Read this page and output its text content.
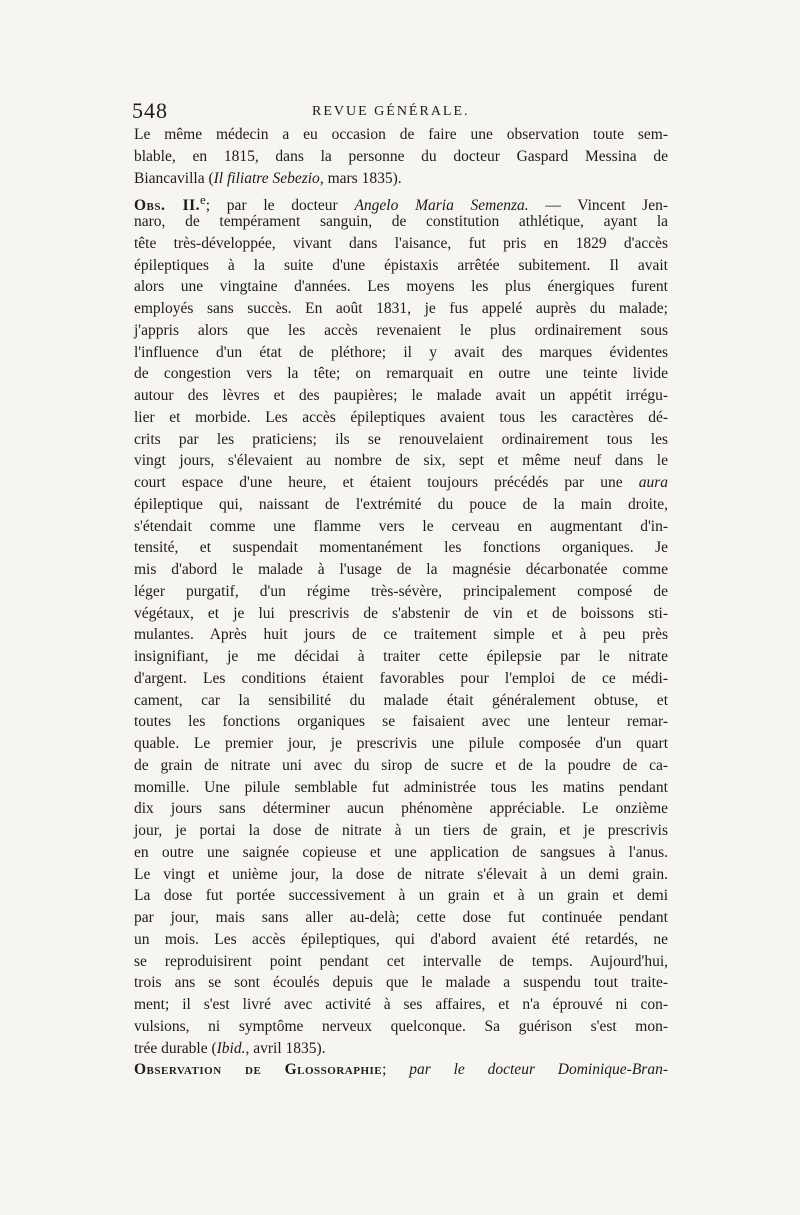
548	REVUE GÉNÉRALE.
Le même médecin a eu occasion de faire une observation toute sem-
blable, en 1815, dans la personne du docteur Gaspard Messina de
Biancavilla (Il filiatre Sebezio, mars 1835).
Obs. II.$^e$; par le docteur Angelo Maria Semenza. — Vincent Jen-
naro, de tempérament sanguin, de constitution athlétique, ayant la
tête très-développée, vivant dans l'aisance, fut pris en 1829 d'accès
épileptiques à la suite d'une épistaxis arrêtée subitement. Il avait
alors une vingtaine d'années. Les moyens les plus énergiques furent
employés sans succès. En août 1831, je fus appelé auprès du malade;
j'appris alors que les accès revenaient le plus ordinairement sous
l'influence d'un état de pléthore; il y avait des marques évidentes
de congestion vers la tête; on remarquait en outre une teinte livide
autour des lèvres et des paupières; le malade avait un appétit irrégu-
lier et morbide. Les accès épileptiques avaient tous les caractères dé-
crits par les praticiens; ils se renouvelaient ordinairement tous les
vingt jours, s'élevaient au nombre de six, sept et même neuf dans le
court espace d'une heure, et étaient toujours précédés par une aura
épileptique qui, naissant de l'extrémité du pouce de la main droite,
s'étendait comme une flamme vers le cerveau en augmentant d'in-
tensité, et suspendait momentanément les fonctions organiques. Je
mis d'abord le malade à l'usage de la magnésie décarbonatée comme
léger purgatif, d'un régime très-sévère, principalement composé de
végétaux, et je lui prescrivis de s'abstenir de vin et de boissons sti-
mulantes. Après huit jours de ce traitement simple et à peu près
insignifiant, je me décidai à traiter cette épilepsie par le nitrate
d'argent. Les conditions étaient favorables pour l'emploi de ce médi-
cament, car la sensibilité du malade était généralement obtuse, et
toutes les fonctions organiques se faisaient avec une lenteur remar-
quable. Le premier jour, je prescrivis une pilule composée d'un quart
de grain de nitrate uni avec du sirop de sucre et de la poudre de ca-
momille. Une pilule semblable fut administrée tous les matins pendant
dix jours sans déterminer aucun phénomène appréciable. Le onzième
jour, je portai la dose de nitrate à un tiers de grain, et je prescrivis
en outre une saignée copieuse et une application de sangsues à l'anus.
Le vingt et unième jour, la dose de nitrate s'élevait à un demi grain.
La dose fut portée successivement à un grain et à un grain et demi
par jour, mais sans aller au-delà; cette dose fut continuée pendant
un mois. Les accès épileptiques, qui d'abord avaient été retardés, ne
se reproduisirent point pendant cet intervalle de temps. Aujourd'hui,
trois ans se sont écoulés depuis que le malade a suspendu tout traite-
ment; il s'est livré avec activité à ses affaires, et n'a éprouvé ni con-
vulsions, ni symptôme nerveux quelconque. Sa guérison s'est mon-
trée durable (Ibid., avril 1835).
Observation de Glossoraphie; par le docteur Dominique-Bran-
